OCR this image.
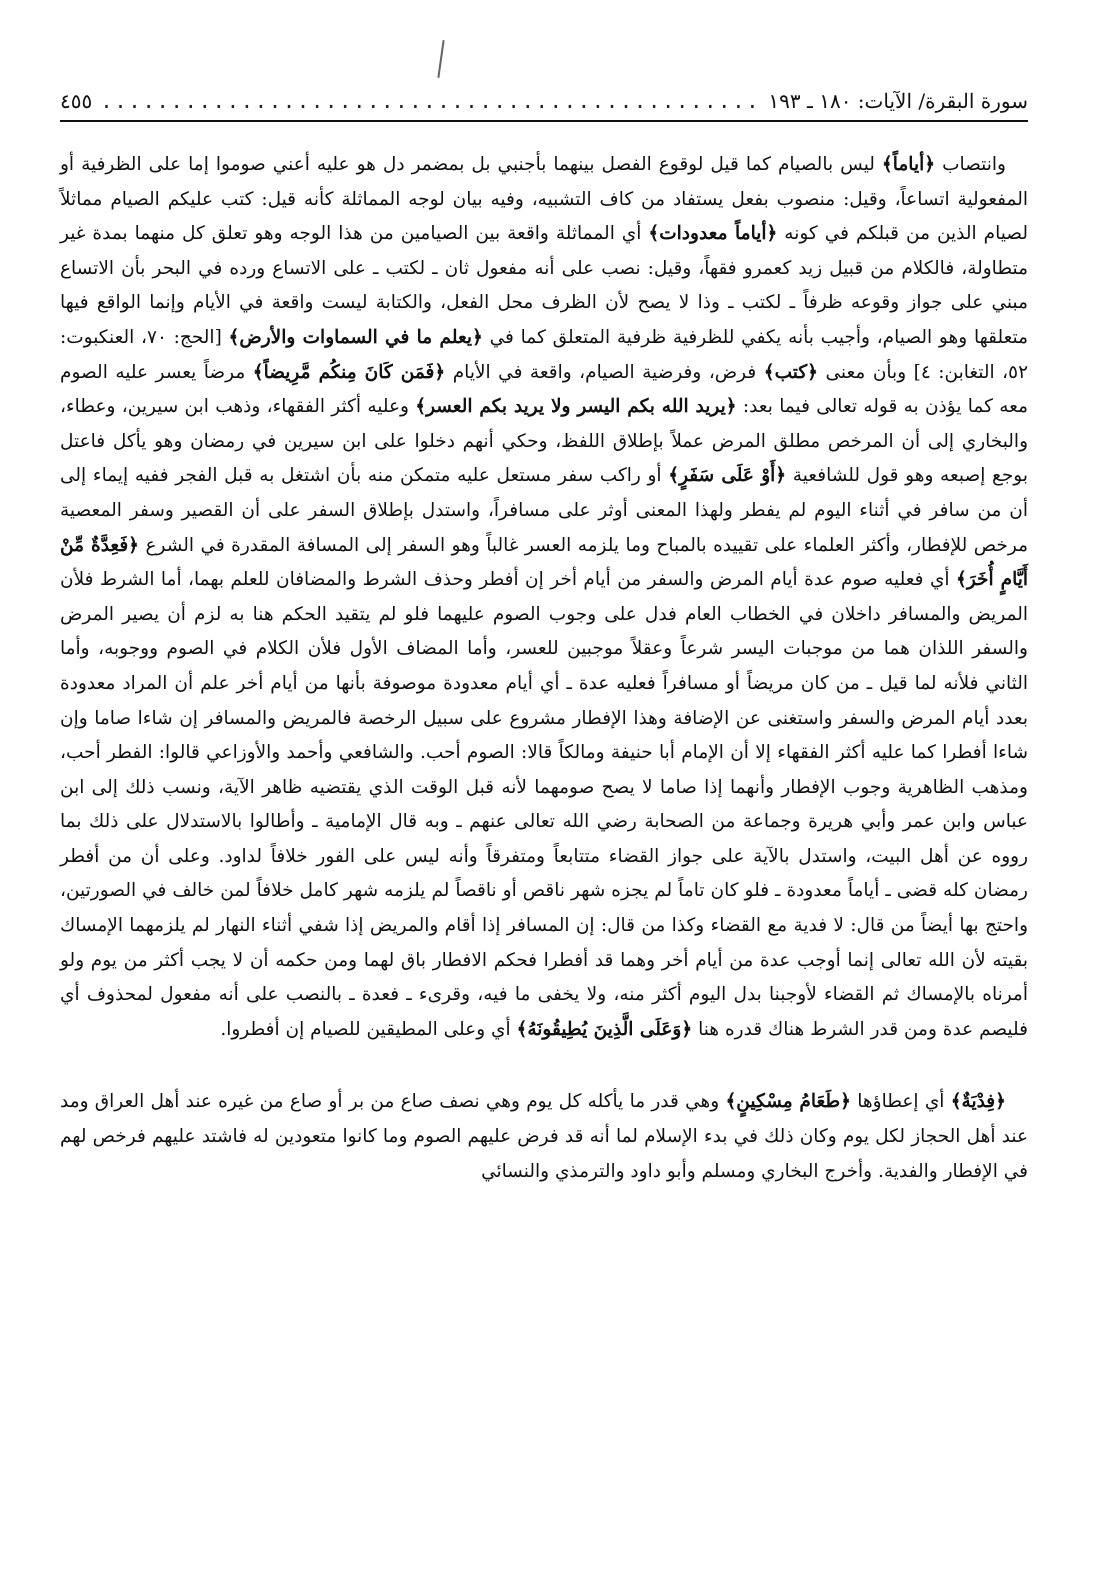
سورة البقرة/ الآيات: ١٨٠ ـ ١٩٣
...............................................
٤٥٥

وانتصاب ﴿أياماً﴾ ليس بالصيام كما قيل لوقوع الفصل بينهما بأجنبي بل بمضمر دل هو عليه أعني صوموا إما على الظرفية أو المفعولية اتساعاً، وقيل: منصوب بفعل يستفاد من كاف التشبيه، وفيه بيان لوجه المماثلة كأنه قيل: كتب عليكم الصيام مماثلاً لصيام الذين من قبلكم في كونه ﴿أياماً معدودات﴾ أي المماثلة واقعة بين الصيامين من هذا الوجه وهو تعلق كل منهما بمدة غير متطاولة، فالكلام من قبيل زيد كعمرو فقهاً، وقيل: نصب على أنه مفعول ثان ـ لكتب ـ على الاتساع ورده في البحر بأن الاتساع مبني على جواز وقوعه ظرفاً ـ لكتب ـ وذا لا يصح لأن الظرف محل الفعل، والكتابة ليست واقعة في الأيام وإنما الواقع فيها متعلقها وهو الصيام، وأجيب بأنه يكفي للظرفية ظرفية المتعلق كما في ﴿يعلم ما في السماوات والأرض﴾ [الحج: ٧٠، العنكبوت: ٥٢، التغابن: ٤] وبأن معنى ﴿كتب﴾ فرض، وفرضية الصيام، واقعة في الأيام ﴿فَمَن كَانَ مِنكُم مَّرِيضاً﴾ مرضاً يعسر عليه الصوم معه كما يؤذن به قوله تعالى فيما بعد: ﴿يريد الله بكم اليسر ولا يريد بكم العسر﴾ وعليه أكثر الفقهاء، وذهب ابن سيرين، وعطاء، والبخاري إلى أن المرخص مطلق المرض عملاً بإطلاق اللفظ، وحكي أنهم دخلوا على ابن سيرين في رمضان وهو يأكل فاعتل بوجع إصبعه وهو قول للشافعية ﴿أَوْ عَلَى سَفَرٍ﴾ أو راكب سفر مستعل عليه متمكن منه بأن اشتغل به قبل الفجر ففيه إيماء إلى أن من سافر في أثناء اليوم لم يفطر ولهذا المعنى أوثر على مسافراً، واستدل بإطلاق السفر على أن القصير وسفر المعصية مرخص للإفطار، وأكثر العلماء على تقييده بالمباح وما يلزمه العسر غالباً وهو السفر إلى المسافة المقدرة في الشرع ﴿فَعِدَّةٌ مِّنْ أَيَّامٍ أُخَرَ﴾ أي فعليه صوم عدة أيام المرض والسفر من أيام أخر إن أفطر وحذف الشرط والمضافان للعلم بهما، أما الشرط فلأن المريض والمسافر داخلان في الخطاب العام فدل على وجوب الصوم عليهما فلو لم يتقيد الحكم هنا به لزم أن يصير المرض والسفر اللذان هما من موجبات اليسر شرعاً وعقلاً موجبين للعسر، وأما المضاف الأول فلأن الكلام في الصوم ووجوبه، وأما الثاني فلأنه لما قيل ـ من كان مريضاً أو مسافراً فعليه عدة ـ أي أيام معدودة موصوفة بأنها من أيام أخر علم أن المراد معدودة بعدد أيام المرض والسفر واستغنى عن الإضافة وهذا الإفطار مشروع على سبيل الرخصة فالمريض والمسافر إن شاءا صاما وإن شاءا أفطرا كما عليه أكثر الفقهاء إلا أن الإمام أبا حنيفة ومالكاً قالا: الصوم أحب. والشافعي وأحمد والأوزاعي قالوا: الفطر أحب، ومذهب الظاهرية وجوب الإفطار وأنهما إذا صاما لا يصح صومهما لأنه قبل الوقت الذي يقتضيه ظاهر الآية، ونسب ذلك إلى ابن عباس وابن عمر وأبي هريرة وجماعة من الصحابة رضي الله تعالى عنهم ـ وبه قال الإمامية ـ وأطالوا بالاستدلال على ذلك بما رووه عن أهل البيت، واستدل بالآية على جواز القضاء متتابعاً ومتفرقاً وأنه ليس على الفور خلافاً لداود. وعلى أن من أفطر رمضان كله قضى ـ أياماً معدودة ـ فلو كان تاماً لم يجزه شهر ناقص أو ناقصاً لم يلزمه شهر كامل خلافاً لمن خالف في الصورتين، واحتج بها أيضاً من قال: لا فدية مع القضاء وكذا من قال: إن المسافر إذا أقام والمريض إذا شفي أثناء النهار لم يلزمهما الإمساك بقيته لأن الله تعالى إنما أوجب عدة من أيام أخر وهما قد أفطرا فحكم الافطار باق لهما ومن حكمه أن لا يجب أكثر من يوم ولو أمرناه بالإمساك ثم القضاء لأوجبنا بدل اليوم أكثر منه، ولا يخفى ما فيه، وقرىء ـ فعدة ـ بالنصب على أنه مفعول لمحذوف أي فليصم عدة ومن قدر الشرط هناك قدره هنا ﴿وَعَلَى الَّذِينَ يُطِيقُونَهُ﴾ أي وعلى المطيقين للصيام إن أفطروا.

﴿فِدْيَةٌ﴾ أي إعطاؤها ﴿طَعَامُ مِسْكِينٍ﴾ وهي قدر ما يأكله كل يوم وهي نصف صاع من بر أو صاع من غيره عند أهل العراق ومد عند أهل الحجاز لكل يوم وكان ذلك في بدء الإسلام لما أنه قد فرض عليهم الصوم وما كانوا متعودين له فاشتد عليهم فرخص لهم في الإفطار والفدية. وأخرج البخاري ومسلم وأبو داود والترمذي والنسائي
